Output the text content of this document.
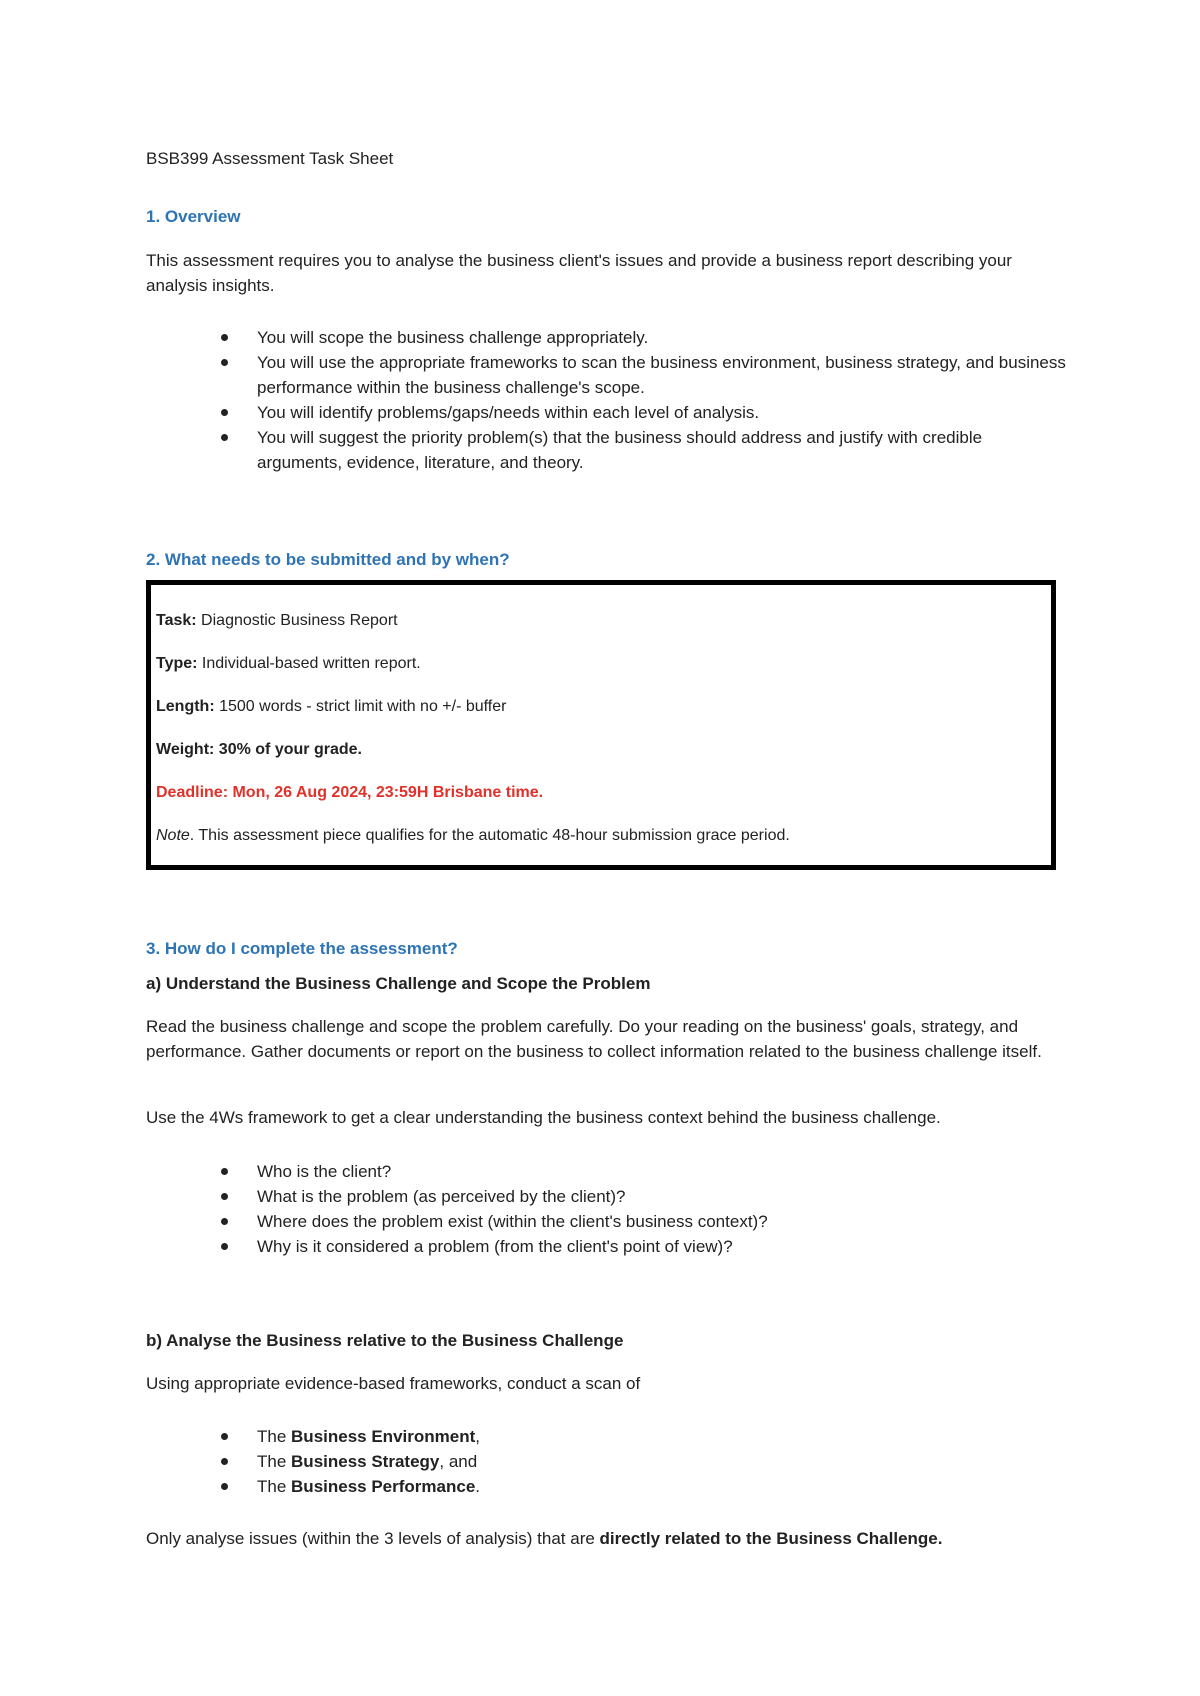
BSB399 Assessment Task Sheet
1. Overview
This assessment requires you to analyse the business client's issues and provide a business report describing your analysis insights.
You will scope the business challenge appropriately.
You will use the appropriate frameworks to scan the business environment, business strategy, and business performance within the business challenge's scope.
You will identify problems/gaps/needs within each level of analysis.
You will suggest the priority problem(s) that the business should address and justify with credible arguments, evidence, literature, and theory.
2. What needs to be submitted and by when?
3. How do I complete the assessment?
a) Understand the Business Challenge and Scope the Problem
Read the business challenge and scope the problem carefully. Do your reading on the business' goals, strategy, and performance. Gather documents or report on the business to collect information related to the business challenge itself.
Use the 4Ws framework to get a clear understanding the business context behind the business challenge.
Who is the client?
What is the problem (as perceived by the client)?
Where does the problem exist (within the client's business context)?
Why is it considered a problem (from the client's point of view)?
b) Analyse the Business relative to the Business Challenge
Using appropriate evidence-based frameworks, conduct a scan of
The Business Environment,
The Business Strategy, and
The Business Performance.
Only analyse issues (within the 3 levels of analysis) that are directly related to the Business Challenge.
Task: Diagnostic Business Report
Type: Individual-based written report.
Length: 1500 words - strict limit with no +/- buffer
Weight: 30% of your grade.
Deadline: Mon, 26 Aug 2024, 23:59H Brisbane time.
Note. This assessment piece qualifies for the automatic 48-hour submission grace period.
